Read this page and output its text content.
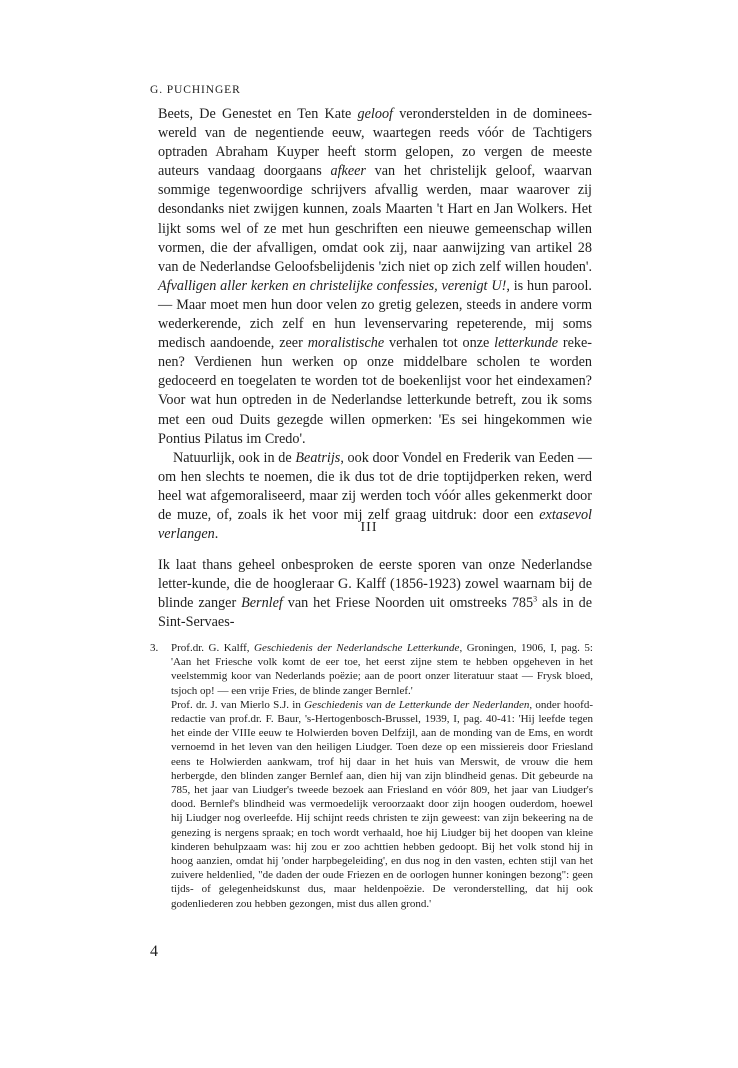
G. PUCHINGER

Beets, De Genestet en Ten Kate geloof veronderstelden in de dominees-wereld van de negentiende eeuw, waartegen reeds vóór de Tachtigers optraden Abraham Kuyper heeft storm gelopen, zo vergen de meeste auteurs vandaag doorgaans afkeer van het christelijk geloof, waarvan sommige tegenwoordige schrijvers afvallig werden, maar waarover zij desondanks niet zwijgen kunnen, zoals Maarten 't Hart en Jan Wolkers. Het lijkt soms wel of ze met hun geschriften een nieuwe gemeenschap willen vormen, die der afvalligen, omdat ook zij, naar aanwijzing van artikel 28 van de Nederlandse Geloofsbelijdenis 'zich niet op zich zelf willen houden'. Afvalligen aller kerken en christelijke confessies, verenigt U!, is hun parool. — Maar moet men hun door velen zo gretig gelezen, steeds in andere vorm wederkerende, zich zelf en hun levenservaring repeterende, mij soms medisch aandoende, zeer moralistische verhalen tot onze letterkunde reke-nen? Verdienen hun werken op onze middelbare scholen te worden gedoceerd en toegelaten te worden tot de boekenlijst voor het eindexamen? Voor wat hun optreden in de Nederlandse letterkunde betreft, zou ik soms met een oud Duits gezegde willen opmerken: 'Es sei hingekommen wie Pontius Pilatus im Credo'.

Natuurlijk, ook in de Beatrijs, ook door Vondel en Frederik van Eeden — om hen slechts te noemen, die ik dus tot de drie toptijdperken reken, werd heel wat afgemoraliseerd, maar zij werden toch vóór alles gekenmerkt door de muze, of, zoals ik het voor mij zelf graag uitdruk: door een extasevol verlangen.	III

Ik laat thans geheel onbesproken de eerste sporen van onze Nederlandse letter-kunde, die de hoogleraar G. Kalff (1856-1923) zowel waarnam bij de blinde zanger Bernlef van het Friese Noorden uit omstreeks $785^3$ als in de Sint-Servaes-

3. Prof.dr. G. Kalff, Geschiedenis der Nederlandsche Letterkunde, Groningen, 1906, I, pag. 5: 'Aan het Friesche volk komt de eer toe, het eerst zijne stem te hebben opgeheven in het veelstemmig koor van Nederlands poëzie; aan de poort onzer literatuur staat — Frysk bloed, tsjoch op! — een vrije Fries, de blinde zanger Bernlef.'

Prof. dr. J. van Mierlo S.J. in Geschiedenis van de Letterkunde der Nederlanden, onder hoofd-redactie van prof.dr. F. Baur, 's-Hertogenbosch-Brussel, 1939, I, pag. 40-41: 'Hij leefde tegen het einde der VIIIe eeuw te Holwierden boven Delfzijl, aan de monding van de Ems, en wordt vernoemd in het leven van den heiligen Liudger. Toen deze op een missiereis door Friesland eens te Holwierden aankwam, trof hij daar in het huis van Merswit, de vrouw die hem herbergde, den blinden zanger Bernlef aan, dien hij van zijn blindheid genas. Dit gebeurde na 785, het jaar van Liudger's tweede bezoek aan Friesland en vóór 809, het jaar van Liudger's dood. Bernlef's blindheid was vermoedelijk veroorzaakt door zijn hoogen ouderdom, hoewel hij Liudger nog overleefde. Hij schijnt reeds christen te zijn geweest: van zijn bekeering na de genezing is nergens spraak; en toch wordt verhaald, hoe hij Liudger bij het doopen van kleine kinderen behulpzaam was: hij zou er zoo achttien hebben gedoopt. Bij het volk stond hij in hoog aanzien, omdat hij 'onder harpbegeleiding', en dus nog in den vasten, echten stijl van het zuivere heldenlied, "de daden der oude Friezen en de oorlogen hunner koningen bezong": geen tijds- of gelegenheidskunst dus, maar heldenpoëzie. De veronderstelling, dat hij ook godenliederen zou hebben gezongen, mist dus allen grond.'

4
